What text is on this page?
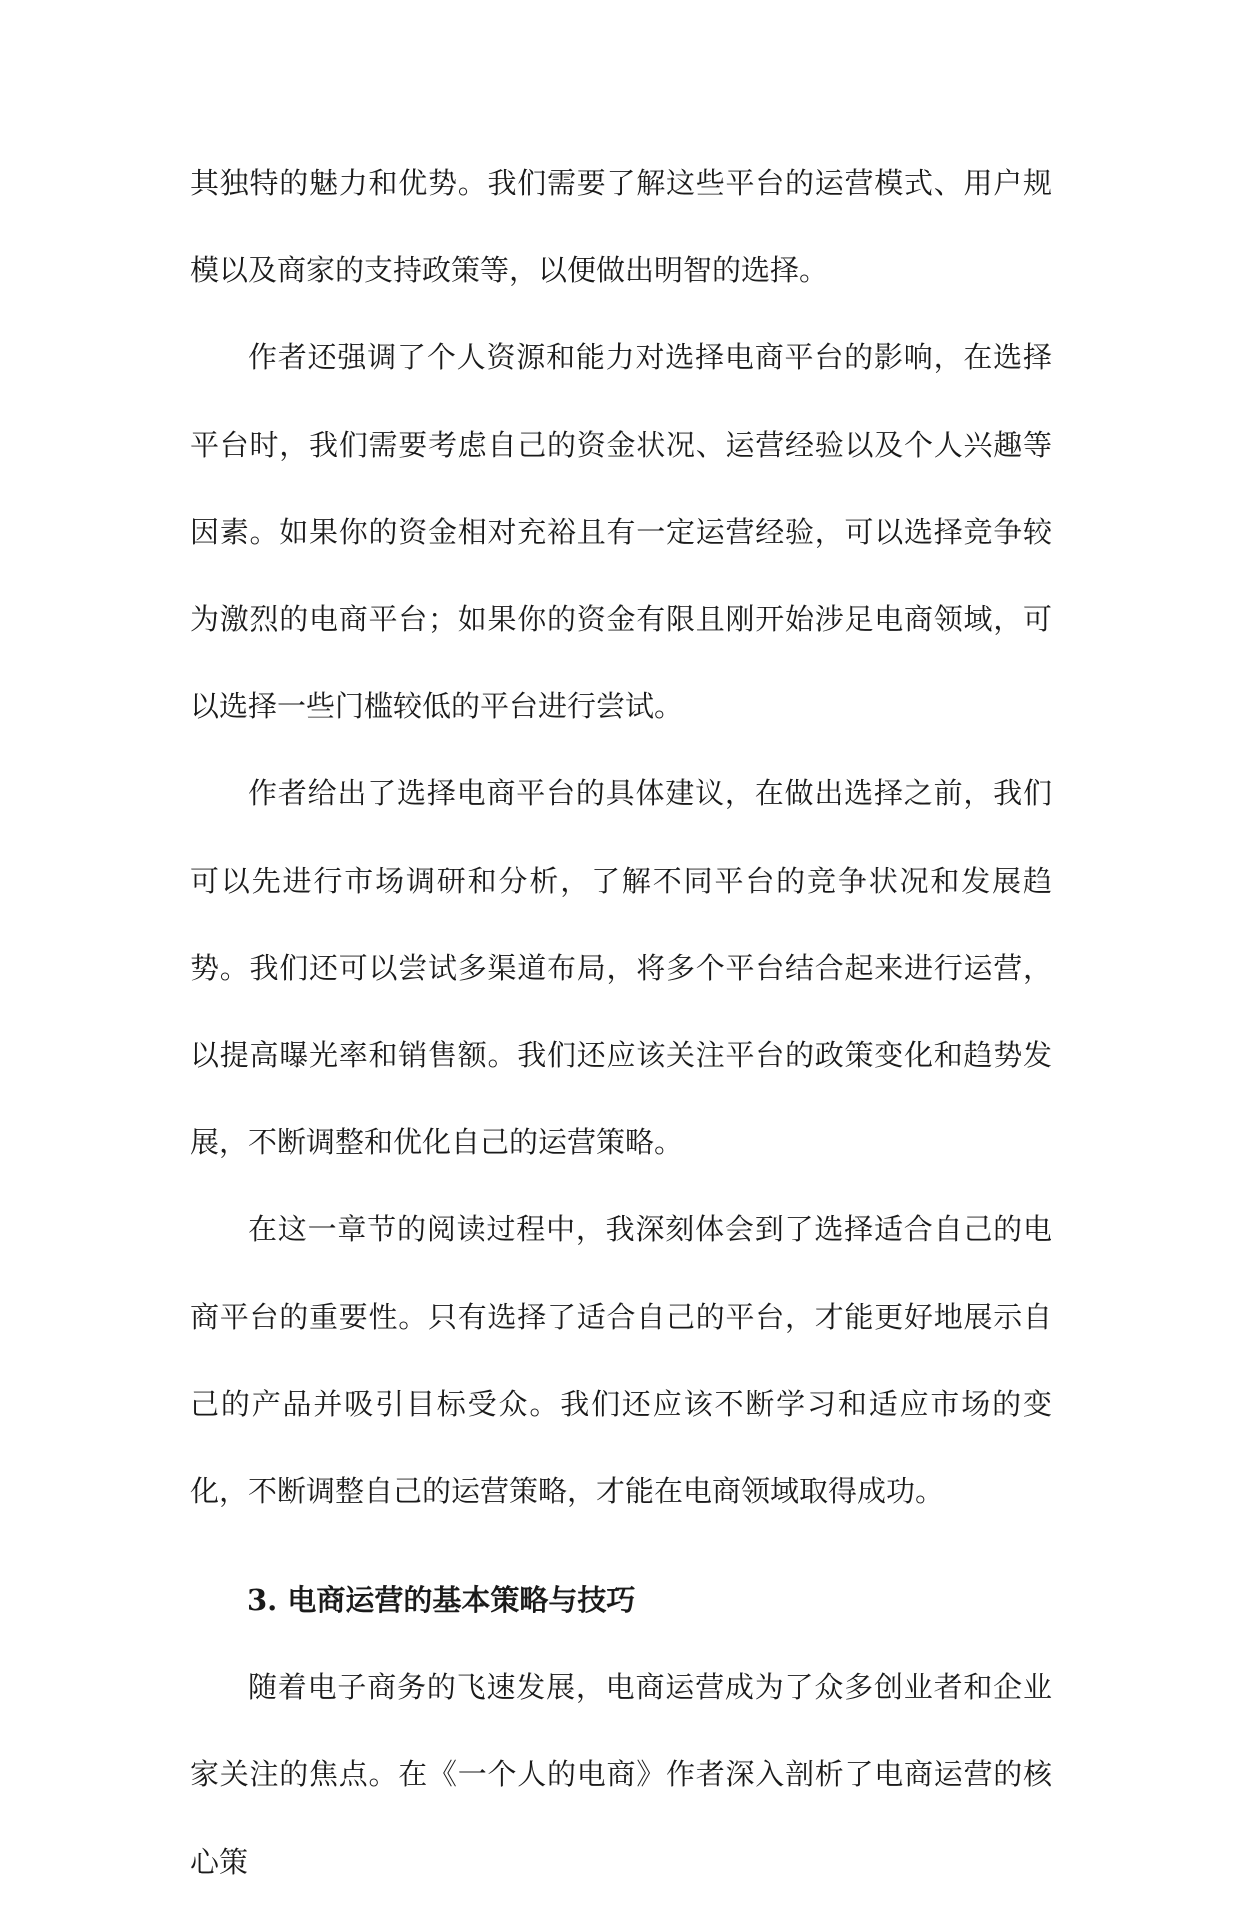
其独特的魅力和优势。我们需要了解这些平台的运营模式、用户规模以及商家的支持政策等，以便做出明智的选择。

作者还强调了个人资源和能力对选择电商平台的影响，在选择平台时，我们需要考虑自己的资金状况、运营经验以及个人兴趣等因素。如果你的资金相对充裕且有一定运营经验，可以选择竞争较为激烈的电商平台；如果你的资金有限且刚开始涉足电商领域，可以选择一些门槛较低的平台进行尝试。

作者给出了选择电商平台的具体建议，在做出选择之前，我们可以先进行市场调研和分析，了解不同平台的竞争状况和发展趋势。我们还可以尝试多渠道布局，将多个平台结合起来进行运营，以提高曝光率和销售额。我们还应该关注平台的政策变化和趋势发展，不断调整和优化自己的运营策略。

在这一章节的阅读过程中，我深刻体会到了选择适合自己的电商平台的重要性。只有选择了适合自己的平台，才能更好地展示自己的产品并吸引目标受众。我们还应该不断学习和适应市场的变化，不断调整自己的运营策略，才能在电商领域取得成功。

3. 电商运营的基本策略与技巧

随着电子商务的飞速发展，电商运营成为了众多创业者和企业家关注的焦点。在《一个人的电商》作者深入剖析了电商运营的核心策
